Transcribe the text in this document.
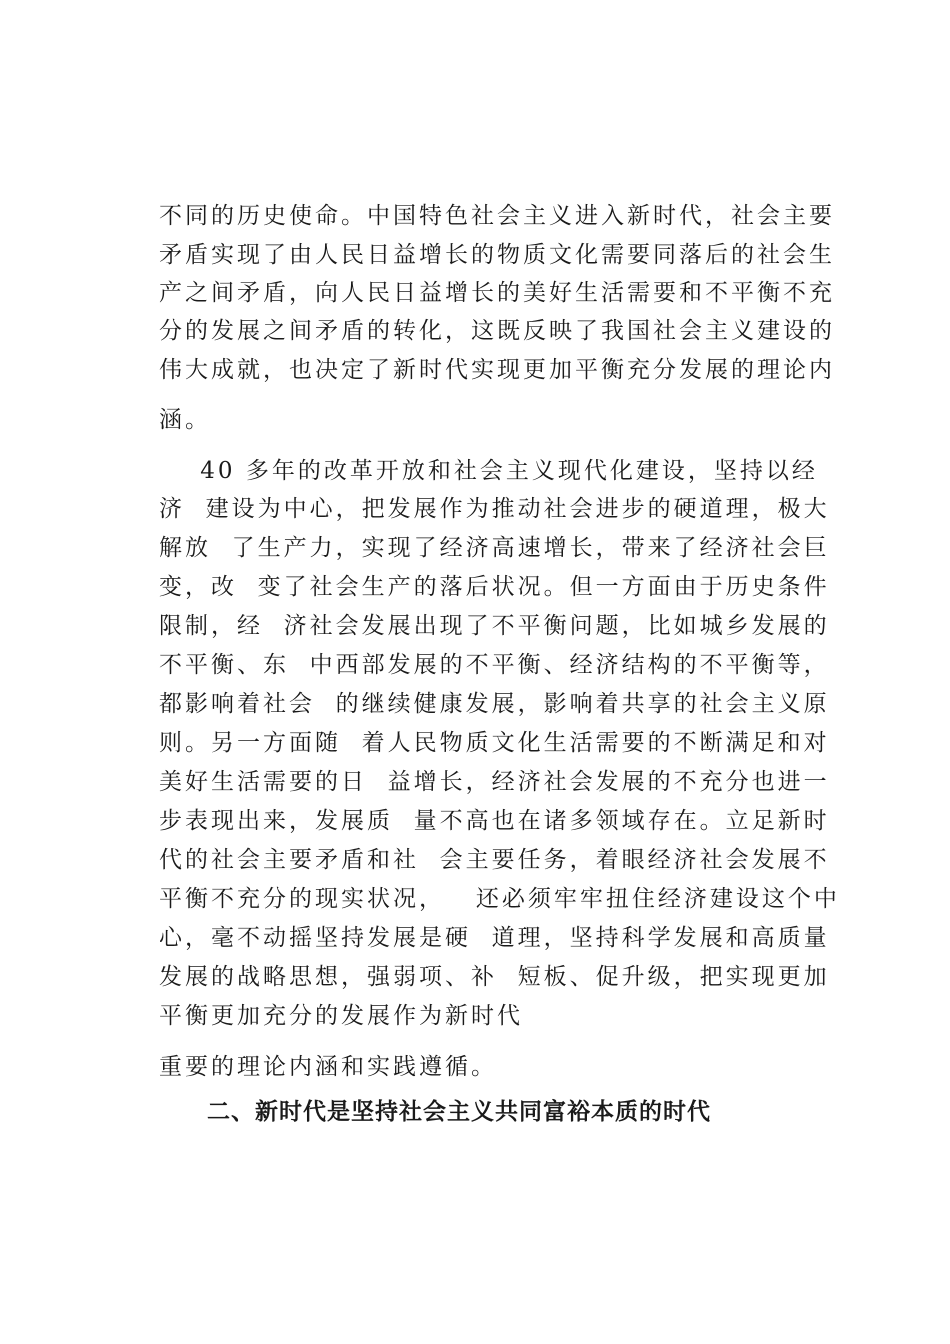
不同的历史使命。中国特色社会主义进入新时代，社会主要
矛盾实现了由人民日益增长的物质文化需要同落后的社会生
产之间矛盾，向人民日益增长的美好生活需要和不平衡不充
分的发展之间矛盾的转化，这既反映了我国社会主义建设的
伟大成就，也决定了新时代实现更加平衡充分发展的理论内
涵。
40 多年的改革开放和社会主义现代化建设，坚持以经
济  建设为中心，把发展作为推动社会进步的硬道理，极大
解放  了生产力，实现了经济高速增长，带来了经济社会巨
变，改  变了社会生产的落后状况。但一方面由于历史条件
限制，经  济社会发展出现了不平衡问题，比如城乡发展的
不平衡、东  中西部发展的不平衡、经济结构的不平衡等，
都影响着社会  的继续健康发展，影响着共享的社会主义原
则。另一方面随  着人民物质文化生活需要的不断满足和对
美好生活需要的日  益增长，经济社会发展的不充分也进一
步表现出来，发展质  量不高也在诸多领域存在。立足新时
代的社会主要矛盾和社  会主要任务，着眼经济社会发展不
平衡不充分的现实状况，   还必须牢牢扭住经济建设这个中
心，毫不动摇坚持发展是硬  道理，坚持科学发展和高质量
发展的战略思想，强弱项、补  短板、促升级，把实现更加
平衡更加充分的发展作为新时代
重要的理论内涵和实践遵循。
二、新时代是坚持社会主义共同富裕本质的时代
